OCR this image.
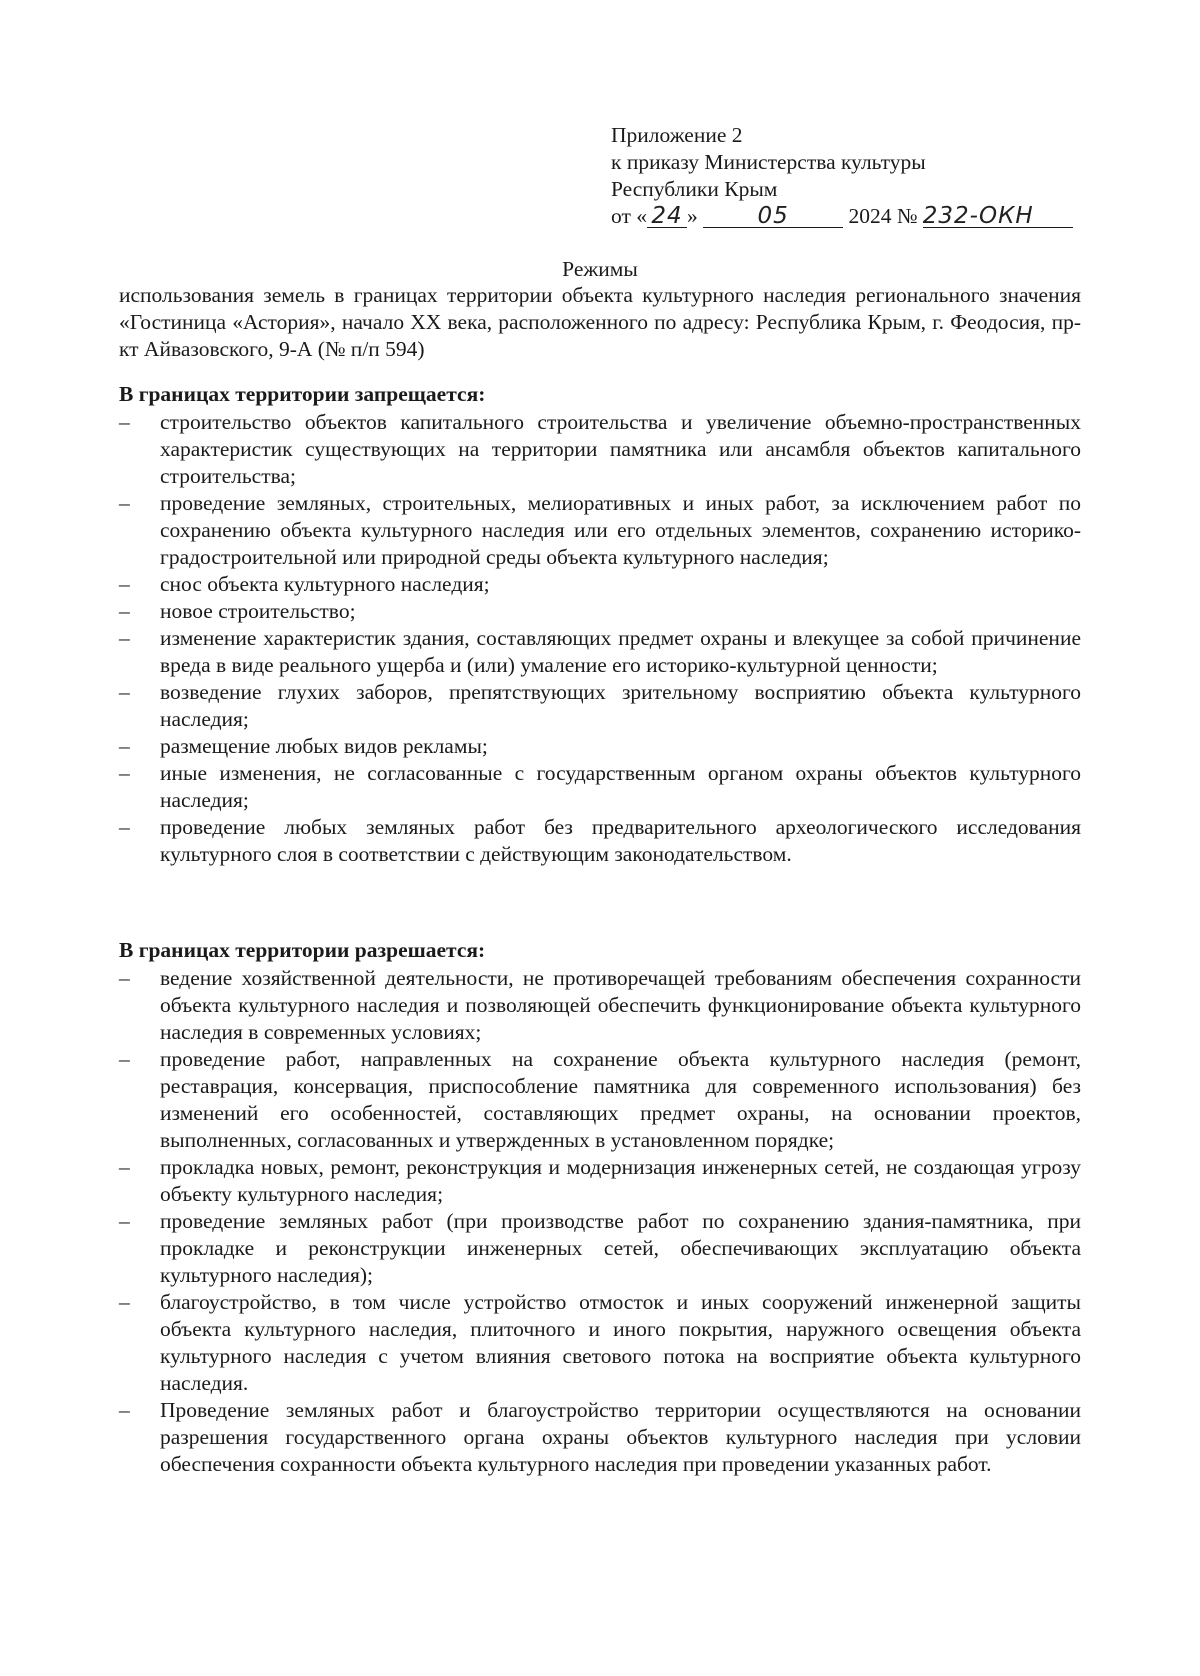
Приложение 2
к приказу Министерства культуры
Республики Крым
от « 24 »	05	2024 № 232-ОКН
Режимы
использования земель в границах территории объекта культурного наследия регионального значения «Гостиница «Астория», начало XX века, расположенного по адресу: Республика Крым, г. Феодосия, пр-кт Айвазовского, 9-А (№ п/п 594)
В границах территории запрещается:
– строительство объектов капитального строительства и увеличение объемно-пространственных характеристик существующих на территории памятника или ансамбля объектов капитального строительства;
– проведение земляных, строительных, мелиоративных и иных работ, за исключением работ по сохранению объекта культурного наследия или его отдельных элементов, сохранению историко-градостроительной или природной среды объекта культурного наследия;
– снос объекта культурного наследия;
– новое строительство;
– изменение характеристик здания, составляющих предмет охраны и влекущее за собой причинение вреда в виде реального ущерба и (или) умаление его историко-культурной ценности;
– возведение глухих заборов, препятствующих зрительному восприятию объекта культурного наследия;
– размещение любых видов рекламы;
– иные изменения, не согласованные с государственным органом охраны объектов культурного наследия;
– проведение любых земляных работ без предварительного археологического исследования культурного слоя в соответствии с действующим законодательством.
В границах территории разрешается:
– ведение хозяйственной деятельности, не противоречащей требованиям обеспечения сохранности объекта культурного наследия и позволяющей обеспечить функционирование объекта культурного наследия в современных условиях;
– проведение работ, направленных на сохранение объекта культурного наследия (ремонт, реставрация, консервация, приспособление памятника для современного использования) без изменений его особенностей, составляющих предмет охраны, на основании проектов, выполненных, согласованных и утвержденных в установленном порядке;
– прокладка новых, ремонт, реконструкция и модернизация инженерных сетей, не создающая угрозу объекту культурного наследия;
– проведение земляных работ (при производстве работ по сохранению здания-памятника, при прокладке и реконструкции инженерных сетей, обеспечивающих эксплуатацию объекта культурного наследия);
– благоустройство, в том числе устройство отмосток и иных сооружений инженерной защиты объекта культурного наследия, плиточного и иного покрытия, наружного освещения объекта культурного наследия с учетом влияния светового потока на восприятие объекта культурного наследия.
– Проведение земляных работ и благоустройство территории осуществляются на основании разрешения государственного органа охраны объектов культурного наследия при условии обеспечения сохранности объекта культурного наследия при проведении указанных работ.
